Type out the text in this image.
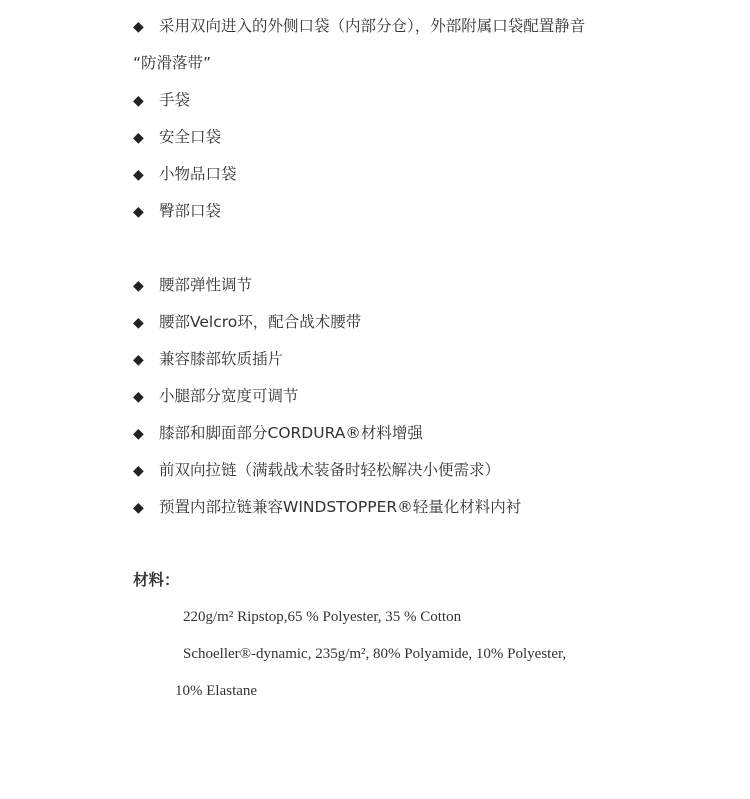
◆ 采用双向进入的外侧口袋（内部分仓），外部附属口袋配置静音
“防滑落带”
◆ 手袋
◆ 安全口袋
◆ 小物品口袋
◆ 臀部口袋
◆ 腰部弹性调节
◆ 腰部Velcro环，配合战术腰带
◆ 兼容膝部软质插片
◆ 小腿部分宽度可调节
◆ 膝部和脚面部分CORDURA®材料增强
◆ 前双向拉链（满载战术装备时轻松解决小便需求）
◆ 预置内部拉链兼容WINDSTOPPER®轻量化材料内衬
材料：
220g/m² Ripstop,65 % Polyester, 35 % Cotton
Schoeller®-dynamic, 235g/m², 80% Polyamide, 10% Polyester,
10% Elastane
